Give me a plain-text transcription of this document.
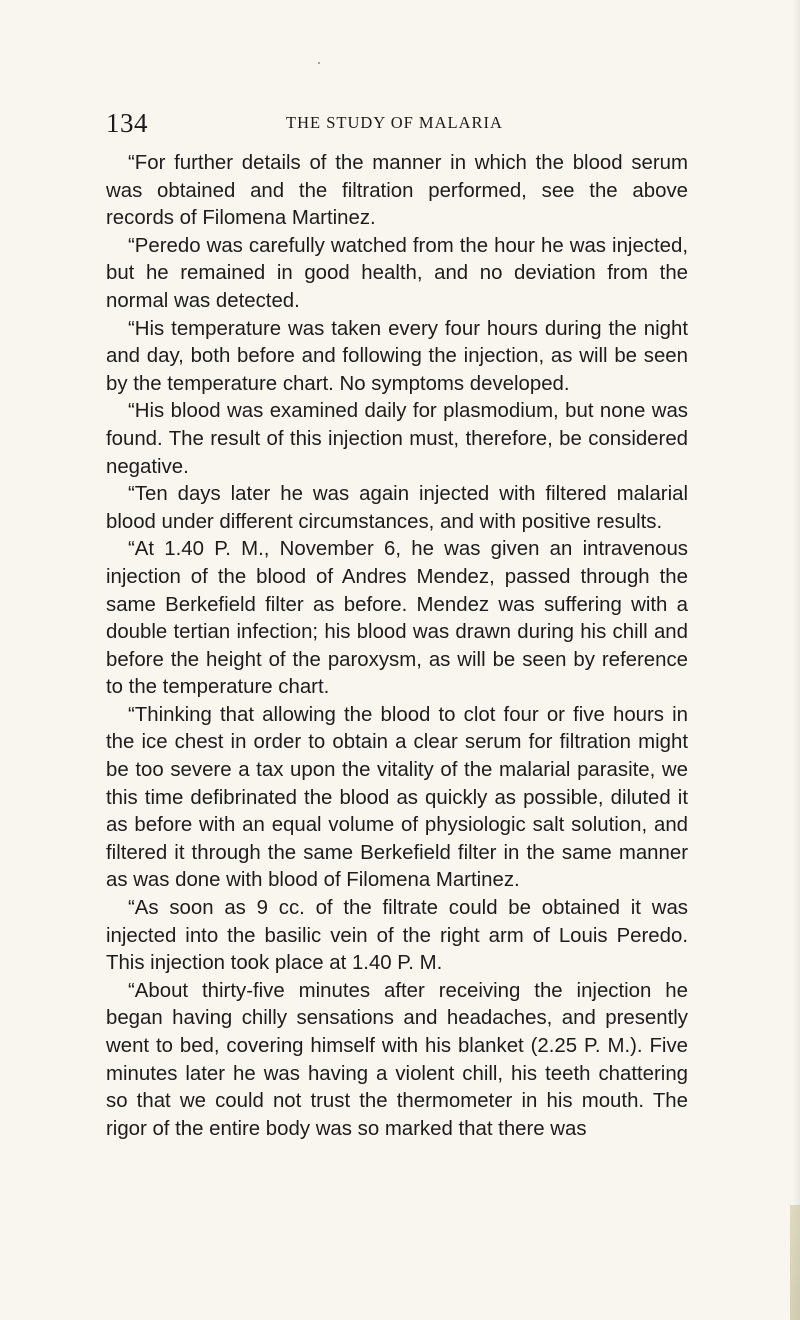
134	THE STUDY OF MALARIA

“For further details of the manner in which the blood serum was obtained and the filtration performed, see the above records of Filomena Martinez.

“Peredo was carefully watched from the hour he was injected, but he remained in good health, and no deviation from the normal was detected.

“His temperature was taken every four hours during the night and day, both before and following the injection, as will be seen by the temperature chart. No symptoms developed.

“His blood was examined daily for plasmodium, but none was found. The result of this injection must, therefore, be considered negative.

“Ten days later he was again injected with filtered malarial blood under different circumstances, and with positive results.

“At 1.40 P. M., November 6, he was given an intravenous injection of the blood of Andres Mendez, passed through the same Berkefield filter as before. Mendez was suffering with a double tertian infection; his blood was drawn during his chill and before the height of the paroxysm, as will be seen by reference to the temperature chart.

“Thinking that allowing the blood to clot four or five hours in the ice chest in order to obtain a clear serum for filtration might be too severe a tax upon the vitality of the malarial parasite, we this time defibrinated the blood as quickly as possible, diluted it as before with an equal volume of physiologic salt solution, and filtered it through the same Berkefield filter in the same manner as was done with blood of Filomena Martinez.

“As soon as 9 cc. of the filtrate could be obtained it was injected into the basilic vein of the right arm of Louis Peredo. This injection took place at 1.40 P. M.

“About thirty-five minutes after receiving the injection he began having chilly sensations and headaches, and presently went to bed, covering himself with his blanket (2.25 P. M.). Five minutes later he was having a violent chill, his teeth chattering so that we could not trust the thermometer in his mouth. The rigor of the entire body was so marked that there was
